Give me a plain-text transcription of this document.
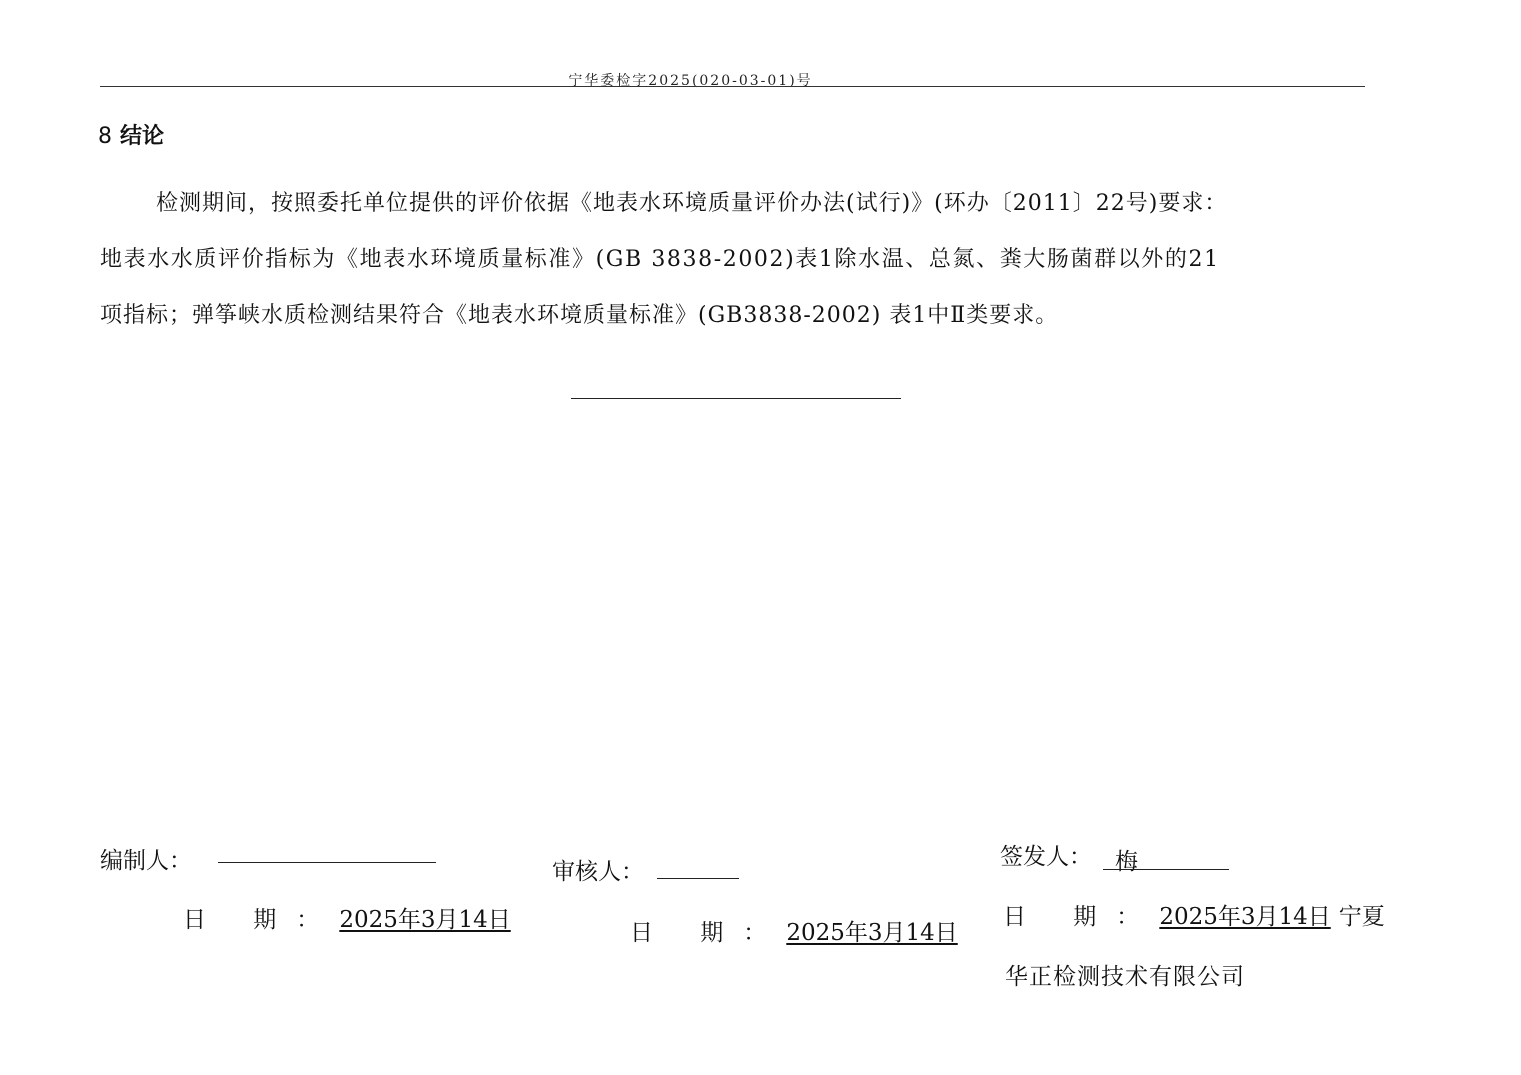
宁华委检字2025(020-03-01)号
8 结论
检测期间，按照委托单位提供的评价依据《地表水环境质量评价办法(试行)》(环办〔2011〕22号)要求：
地表水水质评价指标为《地表水环境质量标准》(GB 3838-2002)表1除水温、总氮、粪大肠菌群以外的21
项指标；弹筝峡水质检测结果符合《地表水环境质量标准》(GB3838-2002) 表1中Ⅱ类要求。
编制人：
日 期：2025年3月14日
审核人：
日 期：2025年3月14日
签发人： 梅
日 期：2025年3月14日 宁夏
华正检测技术有限公司
